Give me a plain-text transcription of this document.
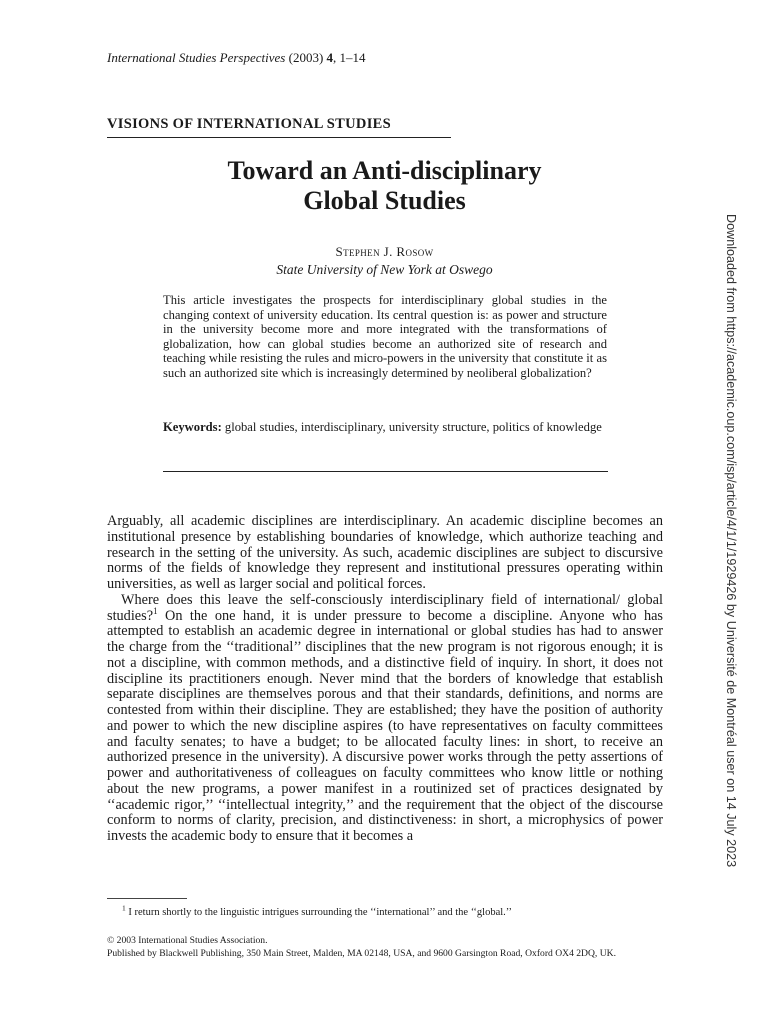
International Studies Perspectives (2003) 4, 1–14
VISIONS OF INTERNATIONAL STUDIES
Toward an Anti-disciplinary
Global Studies
Stephen J. Rosow
State University of New York at Oswego
This article investigates the prospects for interdisciplinary global studies in the changing context of university education. Its central question is: as power and structure in the university become more and more integrated with the transformations of globalization, how can global studies become an authorized site of research and teaching while resisting the rules and micro-powers in the university that constitute it as such an authorized site which is increasingly determined by neoliberal globalization?
Keywords: global studies, interdisciplinary, university structure, politics of knowledge

Arguably, all academic disciplines are interdisciplinary. An academic discipline becomes an institutional presence by establishing boundaries of knowledge, which authorize teaching and research in the setting of the university. As such, academic disciplines are subject to discursive norms of the fields of knowledge they represent and institutional pressures operating within universities, as well as larger social and political forces.

Where does this leave the self-consciously interdisciplinary field of international/ global studies?$^1$ On the one hand, it is under pressure to become a discipline. Anyone who has attempted to establish an academic degree in international or global studies has had to answer the charge from the ‘‘traditional’’ disciplines that the new program is not rigorous enough; it is not a discipline, with common methods, and a distinctive field of inquiry. In short, it does not discipline its practitioners enough. Never mind that the borders of knowledge that establish separate disciplines are themselves porous and that their standards, definitions, and norms are contested from within their discipline. They are established; they have the position of authority and power to which the new discipline aspires (to have representatives on faculty committees and faculty senates; to have a budget; to be allocated faculty lines: in short, to receive an authorized presence in the university). A discursive power works through the petty assertions of power and authoritativeness of colleagues on faculty committees who know little or nothing about the new programs, a power manifest in a routinized set of practices designated by ‘‘academic rigor,’’ ‘‘intellectual integrity,’’ and the requirement that the object of the discourse conform to norms of clarity, precision, and distinctiveness: in short, a microphysics of power invests the academic body to ensure that it becomes a

$^1$ I return shortly to the linguistic intrigues surrounding the ‘‘international’’ and the ‘‘global.’’
© 2003 International Studies Association.
Published by Blackwell Publishing, 350 Main Street, Malden, MA 02148, USA, and 9600 Garsington Road, Oxford OX4 2DQ, UK.
Downloaded from https://academic.oup.com/isp/article/4/1/1/1929426 by Université de Montréal user on 14 July 2023
